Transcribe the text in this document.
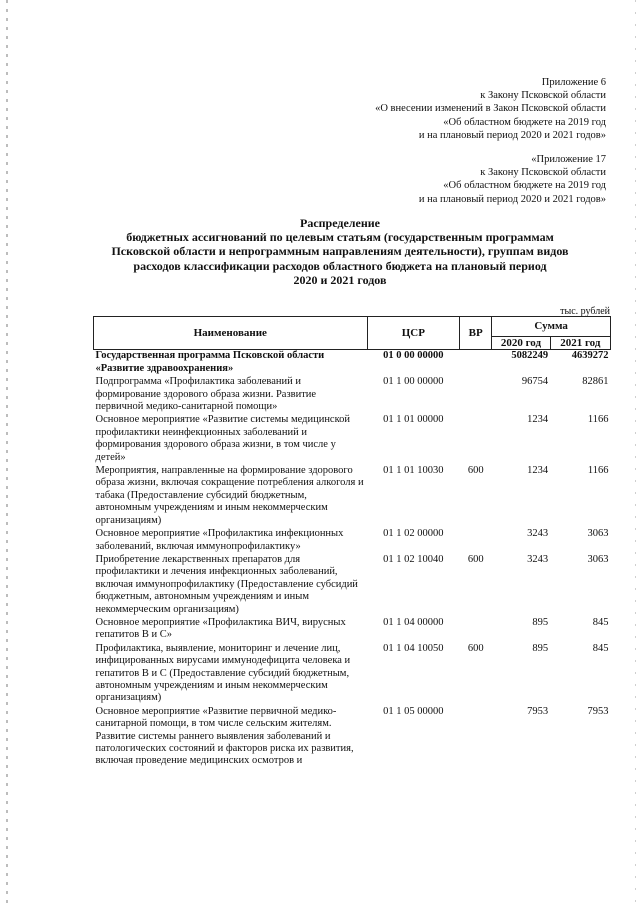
Приложение 6
к Закону Псковской области
«О внесении изменений в Закон Псковской области
«Об областном бюджете на 2019 год
и на плановый период 2020 и 2021 годов»
«Приложение 17
к Закону Псковской области
«Об областном бюджете на 2019 год
и на плановый период 2020 и 2021 годов»
Распределение
бюджетных ассигнований по целевым статьям (государственным программам
Псковской области и непрограммным направлениям деятельности), группам видов
расходов классификации расходов областного бюджета на плановый период
2020 и 2021 годов
тыс. рублей
Наименование	ЦСР	ВР	Сумма	
			2020 год	2021 год
Государственная программа Псковской области «Развитие здравоохранения»	01 0 00 00000		5082249	4639272
Подпрограмма «Профилактика заболеваний и формирование здорового образа жизни. Развитие первичной медико-санитарной помощи»	01 1 00 00000		96754	82861
Основное мероприятие «Развитие системы медицинской профилактики неинфекционных заболеваний и формирования здорового образа жизни, в том числе у детей»	01 1 01 00000		1234	1166
Мероприятия, направленные на формирование здорового образа жизни, включая сокращение потребления алкоголя и табака (Предоставление субсидий бюджетным, автономным учреждениям и иным некоммерческим организациям)	01 1 01 10030	600	1234	1166
Основное мероприятие «Профилактика инфекционных заболеваний, включая иммунопрофилактику»	01 1 02 00000		3243	3063
Приобретение лекарственных препаратов для профилактики и лечения инфекционных заболеваний, включая иммунопрофилактику (Предоставление субсидий бюджетным, автономным учреждениям и иным некоммерческим организациям)	01 1 02 10040	600	3243	3063
Основное мероприятие «Профилактика ВИЧ, вирусных гепатитов В и С»	01 1 04 00000		895	845
Профилактика, выявление, мониторинг и лечение лиц, инфицированных вирусами иммунодефицита человека и гепатитов В и С (Предоставление субсидий бюджетным, автономным учреждениям и иным некоммерческим организациям)	01 1 04 10050	600	895	845
Основное мероприятие «Развитие первичной медико-санитарной помощи, в том числе сельским жителям. Развитие системы раннего выявления заболеваний и патологических состояний и факторов риска их развития, включая проведение медицинских осмотров и	01 1 05 00000		7953	7953
